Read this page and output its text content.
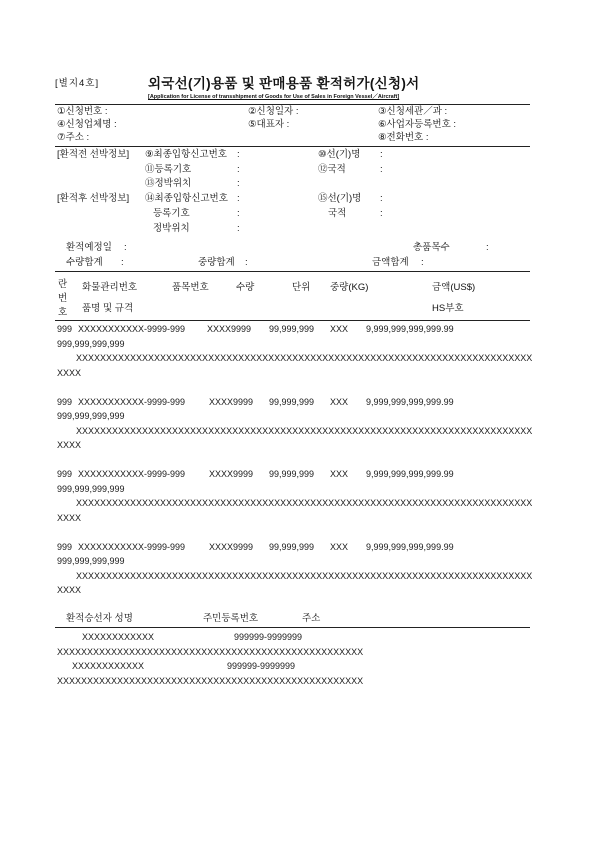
[별지4호]	외국선(기)용품 및 판매용품 환적허가(신청)서
[Application for License of transshipment of Goods for Use of Sales in Foreign Vessel／Aircraft]
①신청번호 :	②신청일자 :	③신청세관／과 :
④신청업체명 :	⑤대표자 :	⑥사업자등록번호 :
⑦주소 :	⑧전화번호 :
[환적전 선박정보] ⑨최종입항신고번호 :	⑩선(기)명 :
⑪등록기호	:	⑫국적	:
⑬정박위치	:
[환적후 선박정보] ⑭최종입항신고번호 :	⑮선(기)명 :
등록기호	:	국적	:
정박위치	:
환적예정일 :	총품목수	:
수량합계 :	중량합계 :	금액합계 :
란번호
화물관리번호	품목번호	수량	단위 중량(KG)	금액(US$)
품명 및 규격	HS부호
999 XXXXXXXXXXX-9999-999 XXXX9999 99,999,999 XXX 9,999,999,999,999.99
999,999,999,999
XXXXXXXXXXXXXXXXXXXXXXXXXXXXXXXXXXXXXXXXXXXXXXXXXXXXXXXXXXXXXXXXXXXXXXXXXXXXXXXX
999 XXXXXXXXXXX-9999-999	XXXX9999 99,999,999 XXX 9,999,999,999,999.99
999,999,999,999
XXXXXXXXXXXXXXXXXXXXXXXXXXXXXXXXXXXXXXXXXXXXXXXXXXXXXXXXXXXXXXXXXXXXXXXXXXXXXXXX
999 XXXXXXXXXXX-9999-999	XXXX9999 99,999,999 XXX 9,999,999,999,999.99
999,999,999,999
XXXXXXXXXXXXXXXXXXXXXXXXXXXXXXXXXXXXXXXXXXXXXXXXXXXXXXXXXXXXXXXXXXXXXXXXXXXXXXXX
999 XXXXXXXXXXX-9999-999	XXXX9999 99,999,999 XXX 9,999,999,999,999.99
999,999,999,999
XXXXXXXXXXXXXXXXXXXXXXXXXXXXXXXXXXXXXXXXXXXXXXXXXXXXXXXXXXXXXXXXXXXXXXXXXXXXXXXX
환적승선자 성명	주민등록번호	주소
XXXXXXXXXXXX	999999-9999999
XXXXXXXXXXXXXXXXXXXXXXXXXXXXXXXXXXXXXXXXXXXXXXXXXXX
XXXXXXXXXXXX	999999-9999999
XXXXXXXXXXXXXXXXXXXXXXXXXXXXXXXXXXXXXXXXXXXXXXXXXXX
